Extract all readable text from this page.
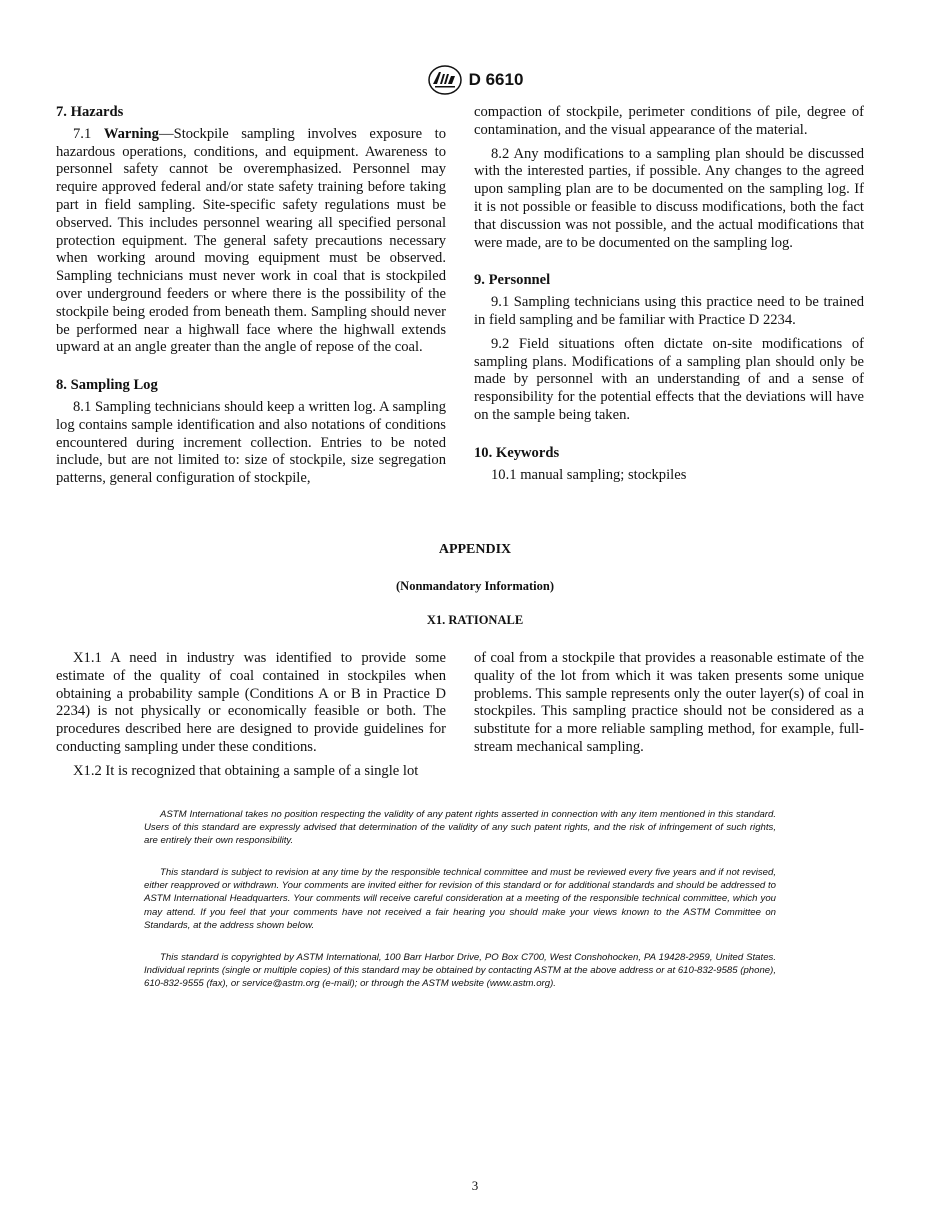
D 6610
7. Hazards

7.1 Warning—Stockpile sampling involves exposure to hazardous operations, conditions, and equipment. Awareness to personnel safety cannot be overemphasized. Personnel may require approved federal and/or state safety training before taking part in field sampling. Site-specific safety regulations must be observed. This includes personnel wearing all specified personal protection equipment. The general safety precautions necessary when working around moving equipment must be observed. Sampling technicians must never work in coal that is stockpiled over underground feeders or where there is the possibility of the stockpile being eroded from beneath them. Sampling should never be performed near a highwall face where the highwall extends upward at an angle greater than the angle of repose of the coal.

8. Sampling Log

8.1 Sampling technicians should keep a written log. A sampling log contains sample identification and also notations of conditions encountered during increment collection. Entries to be noted include, but are not limited to: size of stockpile, size segregation patterns, general configuration of stockpile,

compaction of stockpile, perimeter conditions of pile, degree of contamination, and the visual appearance of the material.

8.2 Any modifications to a sampling plan should be discussed with the interested parties, if possible. Any changes to the agreed upon sampling plan are to be documented on the sampling log. If it is not possible or feasible to discuss modifications, both the fact that discussion was not possible, and the actual modifications that were made, are to be documented on the sampling log.

9. Personnel

9.1 Sampling technicians using this practice need to be trained in field sampling and be familiar with Practice D 2234.

9.2 Field situations often dictate on-site modifications of sampling plans. Modifications of a sampling plan should only be made by personnel with an understanding of and a sense of responsibility for the potential effects that the deviations will have on the sample being taken.

10. Keywords

10.1 manual sampling; stockpiles

APPENDIX
(Nonmandatory Information)
X1. RATIONALE

X1.1 A need in industry was identified to provide some estimate of the quality of coal contained in stockpiles when obtaining a probability sample (Conditions A or B in Practice D 2234) is not physically or economically feasible or both. The procedures described here are designed to provide guidelines for conducting sampling under these conditions.

X1.2 It is recognized that obtaining a sample of a single lot

of coal from a stockpile that provides a reasonable estimate of the quality of the lot from which it was taken presents some unique problems. This sample represents only the outer layer(s) of coal in stockpiles. This sampling practice should not be considered as a substitute for a more reliable sampling method, for example, full-stream mechanical sampling.

ASTM International takes no position respecting the validity of any patent rights asserted in connection with any item mentioned in this standard. Users of this standard are expressly advised that determination of the validity of any such patent rights, and the risk of infringement of such rights, are entirely their own responsibility.
This standard is subject to revision at any time by the responsible technical committee and must be reviewed every five years and if not revised, either reapproved or withdrawn. Your comments are invited either for revision of this standard or for additional standards and should be addressed to ASTM International Headquarters. Your comments will receive careful consideration at a meeting of the responsible technical committee, which you may attend. If you feel that your comments have not received a fair hearing you should make your views known to the ASTM Committee on Standards, at the address shown below.
This standard is copyrighted by ASTM International, 100 Barr Harbor Drive, PO Box C700, West Conshohocken, PA 19428-2959, United States. Individual reprints (single or multiple copies) of this standard may be obtained by contacting ASTM at the above address or at 610-832-9585 (phone), 610-832-9555 (fax), or service@astm.org (e-mail); or through the ASTM website (www.astm.org).
3
